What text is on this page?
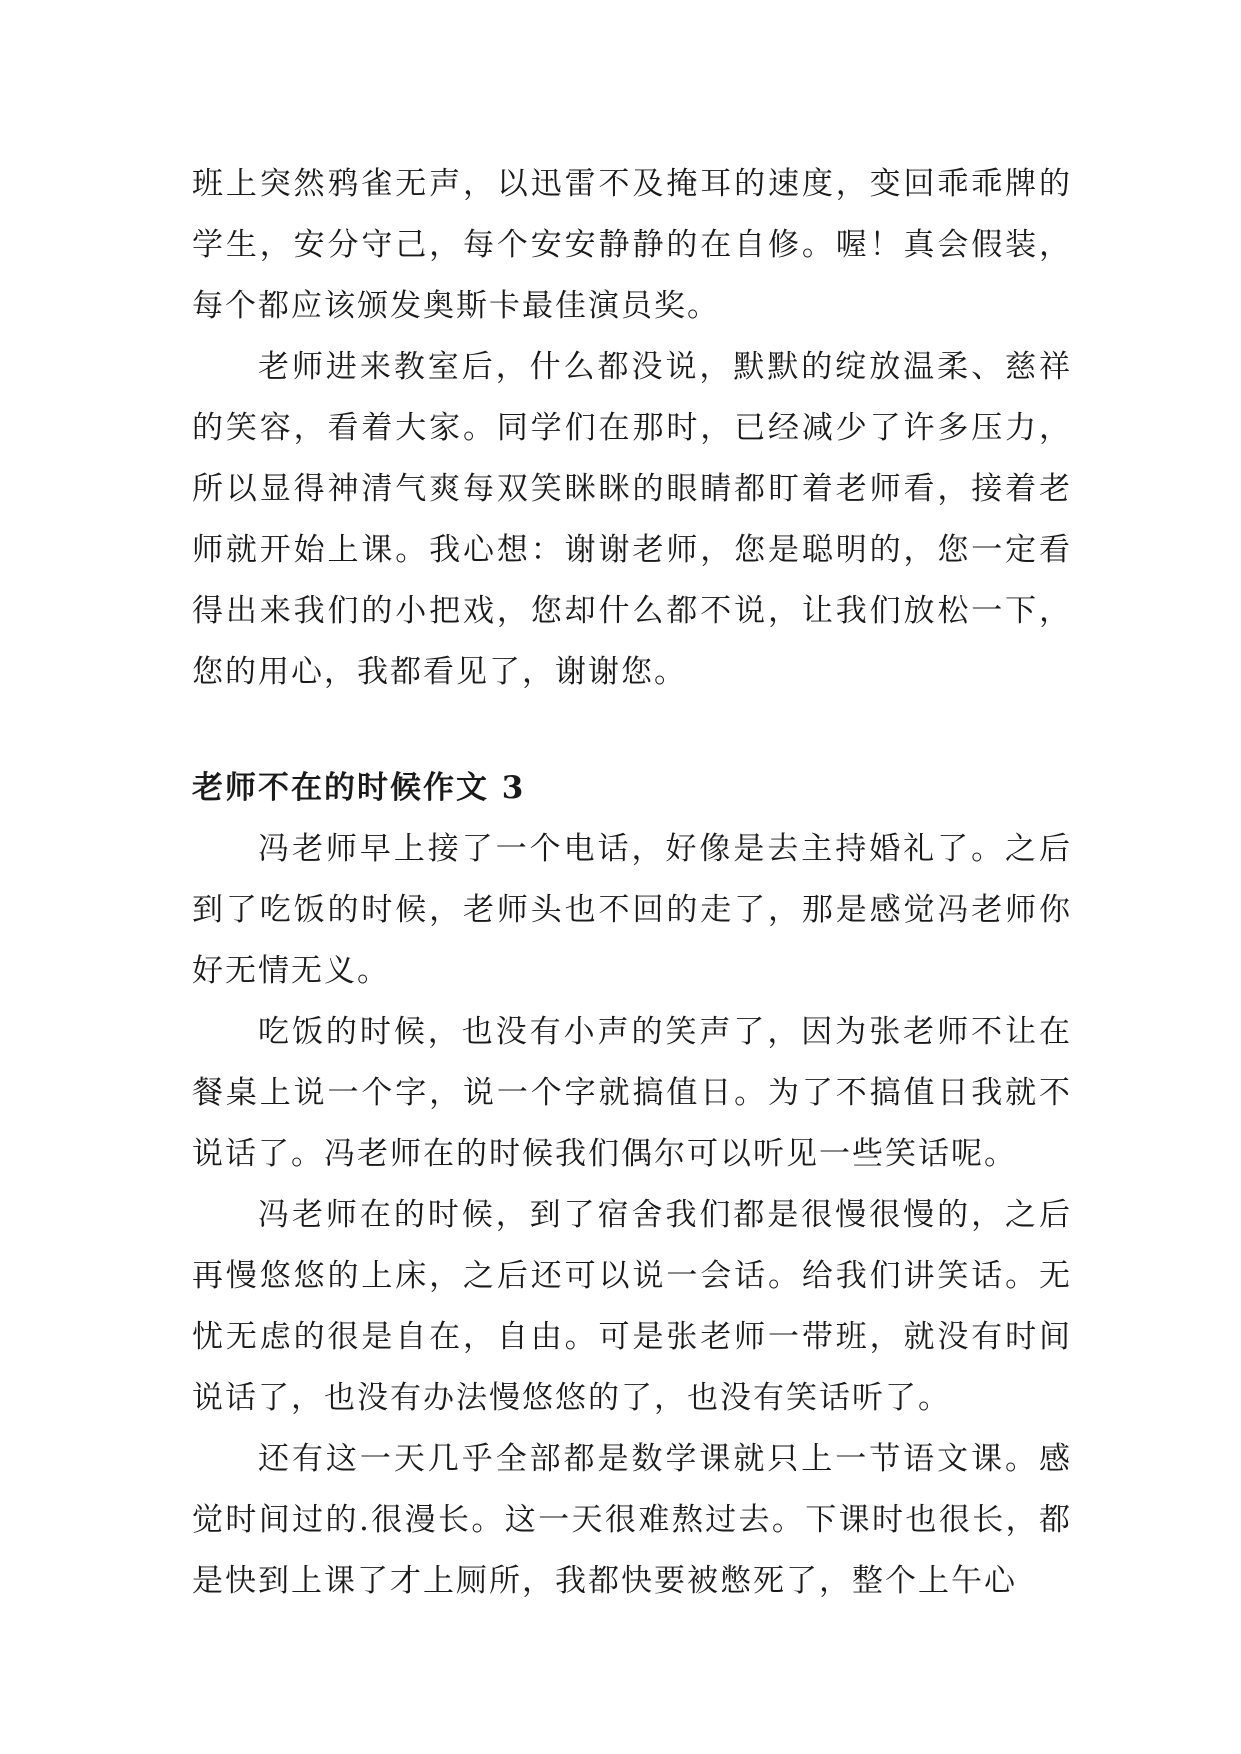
班上突然鸦雀无声，以迅雷不及掩耳的速度，变回乖乖牌的学生，安分守己，每个安安静静的在自修。喔！真会假装，每个都应该颁发奥斯卡最佳演员奖。

老师进来教室后，什么都没说，默默的绽放温柔、慈祥的笑容，看着大家。同学们在那时，已经减少了许多压力，所以显得神清气爽每双笑眯眯的眼睛都盯着老师看，接着老师就开始上课。我心想：谢谢老师，您是聪明的，您一定看得出来我们的小把戏，您却什么都不说，让我们放松一下，您的用心，我都看见了，谢谢您。

老师不在的时候作文 3

冯老师早上接了一个电话，好像是去主持婚礼了。之后到了吃饭的时候，老师头也不回的走了，那是感觉冯老师你好无情无义。

吃饭的时候，也没有小声的笑声了，因为张老师不让在餐桌上说一个字，说一个字就搞值日。为了不搞值日我就不说话了。冯老师在的时候我们偶尔可以听见一些笑话呢。

冯老师在的时候，到了宿舍我们都是很慢很慢的，之后再慢悠悠的上床，之后还可以说一会话。给我们讲笑话。无忧无虑的很是自在，自由。可是张老师一带班，就没有时间说话了，也没有办法慢悠悠的了，也没有笑话听了。

还有这一天几乎全部都是数学课就只上一节语文课。感觉时间过的.很漫长。这一天很难熬过去。下课时也很长，都是快到上课了才上厕所，我都快要被憋死了，整个上午心
